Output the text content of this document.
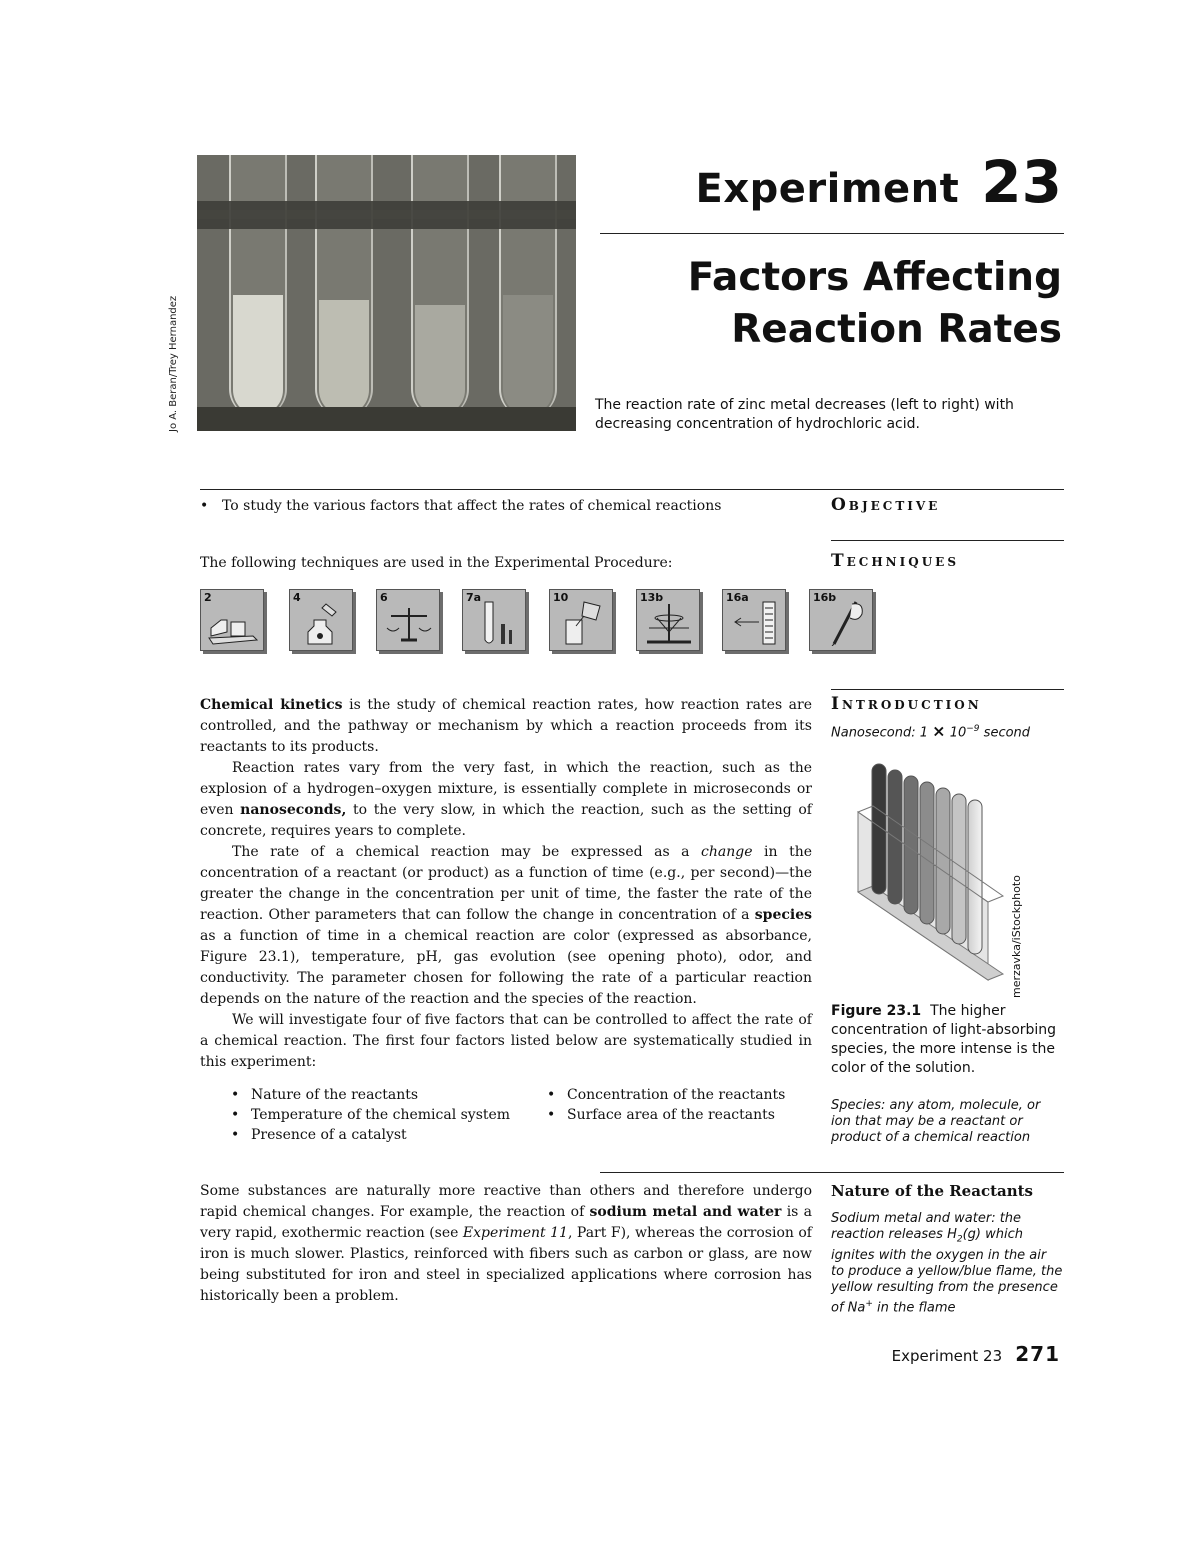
Jo A. Beran/Trey Hernandez
Experiment 23
Factors Affecting
Reaction Rates
The reaction rate of zinc metal decreases (left to right) with decreasing concentration of hydrochloric acid.
• To study the various factors that affect the rates of chemical reactions	Objective
The following techniques are used in the Experimental Procedure:	Techniques
2	4	6	7a	10	13b	16a	16b
Introduction
Nanosecond: $1 \times 10^{-9}$ second

Chemical kinetics is the study of chemical reaction rates, how reaction rates are controlled, and the pathway or mechanism by which a reaction proceeds from its reactants to its products.

Reaction rates vary from the very fast, in which the reaction, such as the explosion of a hydrogen–oxygen mixture, is essentially complete in microseconds or even nanoseconds, to the very slow, in which the reaction, such as the setting of concrete, requires years to complete.

The rate of a chemical reaction may be expressed as a change in the concentration of a reactant (or product) as a function of time (e.g., per second)—the greater the change in the concentration per unit of time, the faster the rate of the reaction. Other parameters that can follow the change in concentration of a species as a function of time in a chemical reaction are color (expressed as absorbance, Figure 23.1), temperature, pH, gas evolution (see opening photo), odor, and conductivity. The parameter chosen for following the rate of a particular reaction depends on the nature of the reaction and the species of the reaction.

We will investigate four of five factors that can be controlled to affect the rate of a chemical reaction. The first four factors listed below are systematically studied in this experiment:

• Nature of the reactants
• Temperature of the chemical system
• Presence of a catalyst
• Concentration of the reactants
• Surface area of the reactants
merzavka/iStockphoto
Figure 23.1 The higher concentration of light-absorbing species, the more intense is the color of the solution.
Species: any atom, molecule, or ion that may be a reactant or product of a chemical reaction
Nature of the Reactants
Sodium metal and water: the reaction releases $H_2(g)$ which ignites with the oxygen in the air to produce a yellow/blue flame, the yellow resulting from the presence of Na+ in the flame
Some substances are naturally more reactive than others and therefore undergo rapid chemical changes. For example, the reaction of sodium metal and water is a very rapid, exothermic reaction (see Experiment 11, Part F), whereas the corrosion of iron is much slower. Plastics, reinforced with fibers such as carbon or glass, are now being substituted for iron and steel in specialized applications where corrosion has historically been a problem.
Experiment 23 271
